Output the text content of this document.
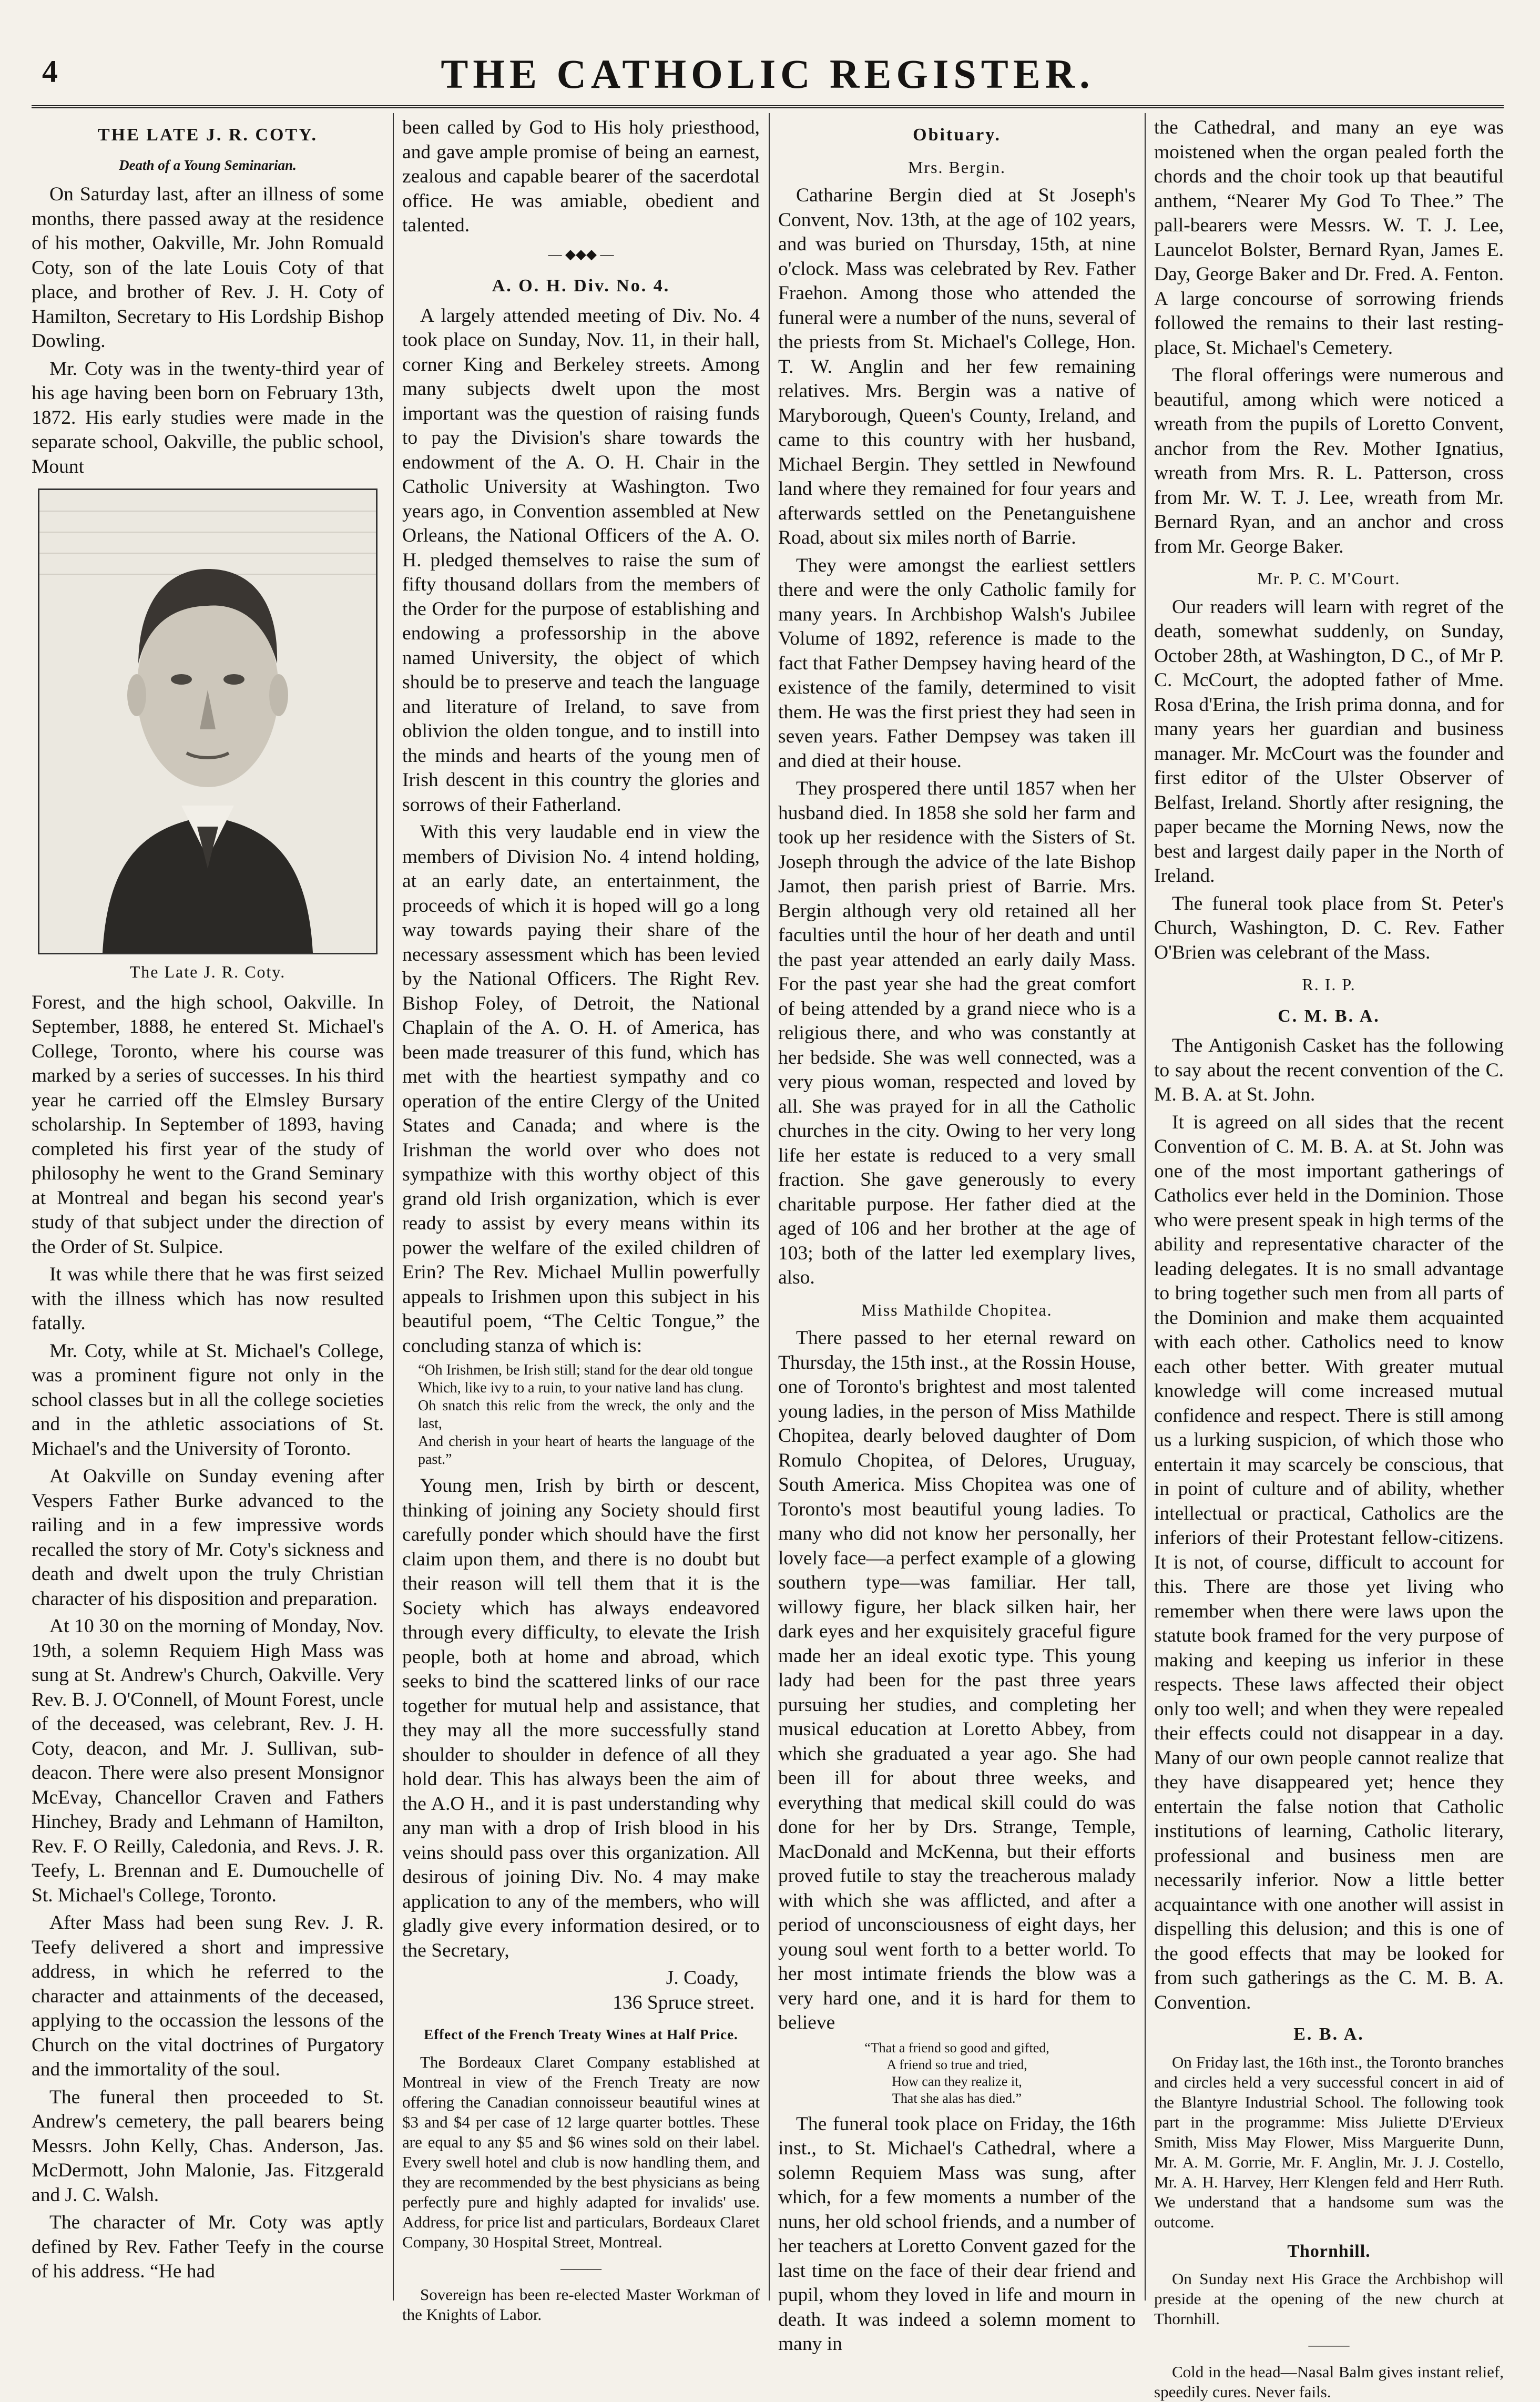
4	THE CATHOLIC REGISTER.
THE LATE J. R. COTY.
Death of a Young Seminarian.

On Saturday last, after an illness of some months, there passed away at the residence of his mother, Oakville, Mr. John Romuald Coty, son of the late Louis Coty of that place, and brother of Rev. J. H. Coty of Hamilton, Secretary to His Lordship Bishop Dowling.

Mr. Coty was in the twenty-third year of his age having been born on February 13th, 1872. His early studies were made in the separate school, Oakville, the public school, Mount

The Late J. R. Coty.

Forest, and the high school, Oakville. In September, 1888, he entered St. Michael's College, Toronto, where his course was marked by a series of successes. In his third year he carried off the Elmsley Bursary scholarship. In September of 1893, having completed his first year of the study of philosophy he went to the Grand Seminary at Montreal and began his second year's study of that subject under the direction of the Order of St. Sulpice.

It was while there that he was first seized with the illness which has now resulted fatally.

Mr. Coty, while at St. Michael's College, was a prominent figure not only in the school classes but in all the college societies and in the athletic associations of St. Michael's and the University of Toronto.

At Oakville on Sunday evening after Vespers Father Burke advanced to the railing and in a few impressive words recalled the story of Mr. Coty's sickness and death and dwelt upon the truly Christian character of his disposition and preparation.

At 10 30 on the morning of Monday, Nov. 19th, a solemn Requiem High Mass was sung at St. Andrew's Church, Oakville. Very Rev. B. J. O'Connell, of Mount Forest, uncle of the deceased, was celebrant, Rev. J. H. Coty, deacon, and Mr. J. Sullivan, sub-deacon. There were also present Monsignor McEvay, Chancellor Craven and Fathers Hinchey, Brady and Lehmann of Hamilton, Rev. F. O Reilly, Caledonia, and Revs. J. R. Teefy, L. Brennan and E. Dumouchelle of St. Michael's College, Toronto.

After Mass had been sung Rev. J. R. Teefy delivered a short and impressive address, in which he referred to the character and attainments of the deceased, applying to the occassion the lessons of the Church on the vital doctrines of Purgatory and the immortality of the soul.

The funeral then proceeded to St. Andrew's cemetery, the pall bearers being Messrs. John Kelly, Chas. Anderson, Jas. McDermott, John Malonie, Jas. Fitzgerald and J. C. Walsh.

The character of Mr. Coty was aptly defined by Rev. Father Teefy in the course of his address. “He had

been called by God to His holy priesthood, and gave ample promise of being an earnest, zealous and capable bearer of the sacerdotal office. He was amiable, obedient and talented.

— ◆◆◆ —
A. O. H. Div. No. 4.

A largely attended meeting of Div. No. 4 took place on Sunday, Nov. 11, in their hall, corner King and Berkeley streets. Among many subjects dwelt upon the most important was the question of raising funds to pay the Division's share towards the endowment of the A. O. H. Chair in the Catholic University at Washington. Two years ago, in Convention assembled at New Orleans, the National Officers of the A. O. H. pledged themselves to raise the sum of fifty thousand dollars from the members of the Order for the purpose of establishing and endowing a professorship in the above named University, the object of which should be to preserve and teach the language and literature of Ireland, to save from oblivion the olden tongue, and to instill into the minds and hearts of the young men of Irish descent in this country the glories and sorrows of their Fatherland.

With this very laudable end in view the members of Division No. 4 intend holding, at an early date, an entertainment, the proceeds of which it is hoped will go a long way towards paying their share of the necessary assessment which has been levied by the National Officers. The Right Rev. Bishop Foley, of Detroit, the National Chaplain of the A. O. H. of America, has been made treasurer of this fund, which has met with the heartiest sympathy and co operation of the entire Clergy of the United States and Canada; and where is the Irishman the world over who does not sympathize with this worthy object of this grand old Irish organization, which is ever ready to assist by every means within its power the welfare of the exiled children of Erin? The Rev. Michael Mullin powerfully appeals to Irishmen upon this subject in his beautiful poem, “The Celtic Tongue,” the concluding stanza of which is:

“Oh Irishmen, be Irish still; stand for the dear old tongue
Which, like ivy to a ruin, to your native land has clung.
Oh snatch this relic from the wreck, the only and the last,
And cherish in your heart of hearts the language of the past.”

Young men, Irish by birth or descent, thinking of joining any Society should first carefully ponder which should have the first claim upon them, and there is no doubt but their reason will tell them that it is the Society which has always endeavored through every difficulty, to elevate the Irish people, both at home and abroad, which seeks to bind the scattered links of our race together for mutual help and assistance, that they may all the more successfully stand shoulder to shoulder in defence of all they hold dear. This has always been the aim of the A.O H., and it is past understanding why any man with a drop of Irish blood in his veins should pass over this organization. All desirous of joining Div. No. 4 may make application to any of the members, who will gladly give every information desired, or to the Secretary,

J. Coady,

136 Spruce street.

Effect of the French Treaty Wines at Half Price.

The Bordeaux Claret Company established at Montreal in view of the French Treaty are now offering the Canadian connoisseur beautiful wines at $3 and $4 per case of 12 large quarter bottles. These are equal to any $5 and $6 wines sold on their label. Every swell hotel and club is now handling them, and they are recommended by the best physicians as being perfectly pure and highly adapted for invalids' use. Address, for price list and particulars, Bordeaux Claret Company, 30 Hospital Street, Montreal.

———

Sovereign has been re-elected Master Workman of the Knights of Labor.

Obituary.
Mrs. Bergin.

Catharine Bergin died at St Joseph's Convent, Nov. 13th, at the age of 102 years, and was buried on Thursday, 15th, at nine o'clock. Mass was celebrated by Rev. Father Fraehon. Among those who attended the funeral were a number of the nuns, several of the priests from St. Michael's College, Hon. T. W. Anglin and her few remaining relatives. Mrs. Bergin was a native of Maryborough, Queen's County, Ireland, and came to this country with her husband, Michael Bergin. They settled in Newfound land where they remained for four years and afterwards settled on the Penetanguishene Road, about six miles north of Barrie.

They were amongst the earliest settlers there and were the only Catholic family for many years. In Archbishop Walsh's Jubilee Volume of 1892, reference is made to the fact that Father Dempsey having heard of the existence of the family, determined to visit them. He was the first priest they had seen in seven years. Father Dempsey was taken ill and died at their house.

They prospered there until 1857 when her husband died. In 1858 she sold her farm and took up her residence with the Sisters of St. Joseph through the advice of the late Bishop Jamot, then parish priest of Barrie. Mrs. Bergin although very old retained all her faculties until the hour of her death and until the past year attended an early daily Mass. For the past year she had the great comfort of being attended by a grand niece who is a religious there, and who was constantly at her bedside. She was well connected, was a very pious woman, respected and loved by all. She was prayed for in all the Catholic churches in the city. Owing to her very long life her estate is reduced to a very small fraction. She gave generously to every charitable purpose. Her father died at the aged of 106 and her brother at the age of 103; both of the latter led exemplary lives, also.

Miss Mathilde Chopitea.

There passed to her eternal reward on Thursday, the 15th inst., at the Rossin House, one of Toronto's brightest and most talented young ladies, in the person of Miss Mathilde Chopitea, dearly beloved daughter of Dom Romulo Chopitea, of Delores, Uruguay, South America. Miss Chopitea was one of Toronto's most beautiful young ladies. To many who did not know her personally, her lovely face—a perfect example of a glowing southern type—was familiar. Her tall, willowy figure, her black silken hair, her dark eyes and her exquisitely graceful figure made her an ideal exotic type. This young lady had been for the past three years pursuing her studies, and completing her musical education at Loretto Abbey, from which she graduated a year ago. She had been ill for about three weeks, and everything that medical skill could do was done for her by Drs. Strange, Temple, MacDonald and McKenna, but their efforts proved futile to stay the treacherous malady with which she was afflicted, and after a period of unconsciousness of eight days, her young soul went forth to a better world. To her most intimate friends the blow was a very hard one, and it is hard for them to believe

“That a friend so good and gifted,
A friend so true and tried,
How can they realize it,
That she alas has died.”

The funeral took place on Friday, the 16th inst., to St. Michael's Cathedral, where a solemn Requiem Mass was sung, after which, for a few moments a number of the nuns, her old school friends, and a number of her teachers at Loretto Convent gazed for the last time on the face of their dear friend and pupil, whom they loved in life and mourn in death. It was indeed a solemn moment to many in

the Cathedral, and many an eye was moistened when the organ pealed forth the chords and the choir took up that beautiful anthem, “Nearer My God To Thee.” The pall-bearers were Messrs. W. T. J. Lee, Launcelot Bolster, Bernard Ryan, James E. Day, George Baker and Dr. Fred. A. Fenton. A large concourse of sorrowing friends followed the remains to their last resting-place, St. Michael's Cemetery.

The floral offerings were numerous and beautiful, among which were noticed a wreath from the pupils of Loretto Convent, anchor from the Rev. Mother Ignatius, wreath from Mrs. R. L. Patterson, cross from Mr. W. T. J. Lee, wreath from Mr. Bernard Ryan, and an anchor and cross from Mr. George Baker.

Mr. P. C. M'Court.

Our readers will learn with regret of the death, somewhat suddenly, on Sunday, October 28th, at Washington, D C., of Mr P. C. McCourt, the adopted father of Mme. Rosa d'Erina, the Irish prima donna, and for many years her guardian and business manager. Mr. McCourt was the founder and first editor of the Ulster Observer of Belfast, Ireland. Shortly after resigning, the paper became the Morning News, now the best and largest daily paper in the North of Ireland.

The funeral took place from St. Peter's Church, Washington, D. C. Rev. Father O'Brien was celebrant of the Mass.

R. I. P.
C. M. B. A.

The Antigonish Casket has the following to say about the recent convention of the C. M. B. A. at St. John.

It is agreed on all sides that the recent Convention of C. M. B. A. at St. John was one of the most important gatherings of Catholics ever held in the Dominion. Those who were present speak in high terms of the ability and representative character of the leading delegates. It is no small advantage to bring together such men from all parts of the Dominion and make them acquainted with each other. Catholics need to know each other better. With greater mutual knowledge will come increased mutual confidence and respect. There is still among us a lurking suspicion, of which those who entertain it may scarcely be conscious, that in point of culture and of ability, whether intellectual or practical, Catholics are the inferiors of their Protestant fellow-citizens. It is not, of course, difficult to account for this. There are those yet living who remember when there were laws upon the statute book framed for the very purpose of making and keeping us inferior in these respects. These laws affected their object only too well; and when they were repealed their effects could not disappear in a day. Many of our own people cannot realize that they have disappeared yet; hence they entertain the false notion that Catholic institutions of learning, Catholic literary, professional and business men are necessarily inferior. Now a little better acquaintance with one another will assist in dispelling this delusion; and this is one of the good effects that may be looked for from such gatherings as the C. M. B. A. Convention.

E. B. A.

On Friday last, the 16th inst., the Toronto branches and circles held a very successful concert in aid of the Blantyre Industrial School. The following took part in the programme: Miss Juliette D'Ervieux Smith, Miss May Flower, Miss Marguerite Dunn, Mr. A. M. Gorrie, Mr. F. Anglin, Mr. J. J. Costello, Mr. A. H. Harvey, Herr Klengen feld and Herr Ruth. We understand that a handsome sum was the outcome.

Thornhill.

On Sunday next His Grace the Archbishop will preside at the opening of the new church at Thornhill.

———

Cold in the head—Nasal Balm gives instant relief, speedily cures. Never fails.
